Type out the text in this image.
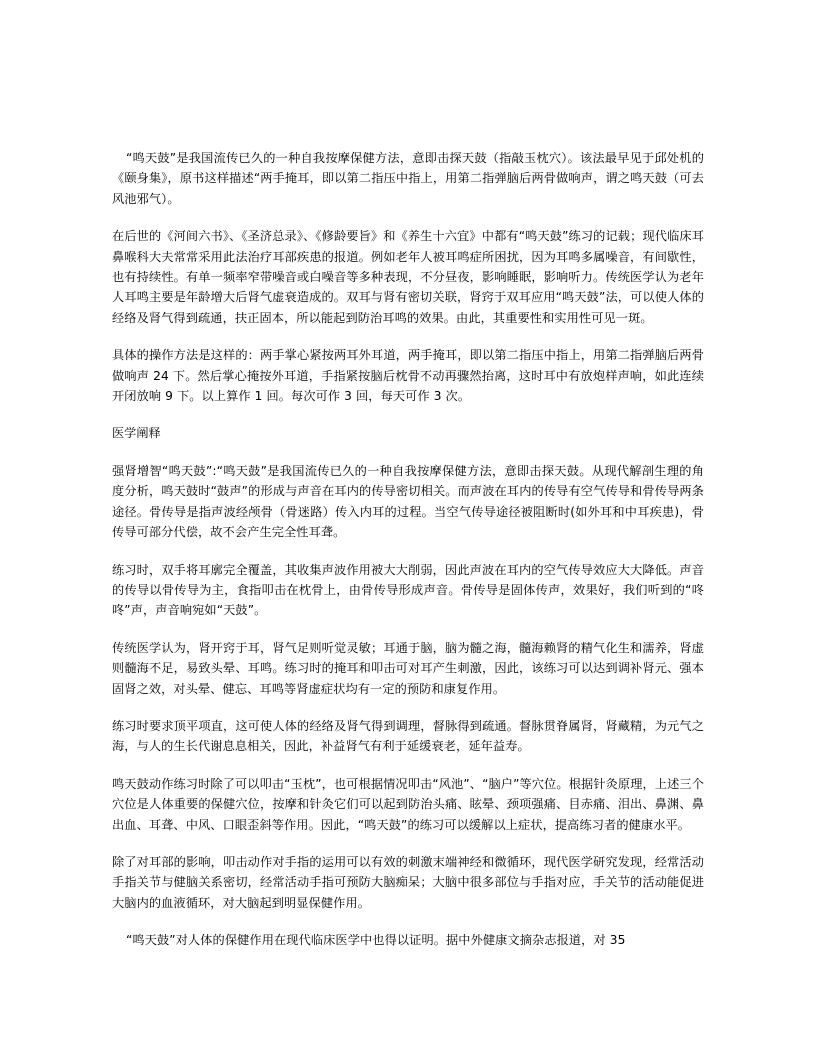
“鸣天鼓”是我国流传已久的一种自我按摩保健方法，意即击探天鼓（指敲玉枕穴）。该法最早见于邱处机的《颐身集》，原书这样描述“两手掩耳，即以第二指压中指上，用第二指弹脑后两骨做响声，谓之鸣天鼓（可去风池邪气）。

在后世的《河间六书》、《圣济总录》、《修龄要旨》和《养生十六宜》中都有“鸣天鼓”练习的记载；现代临床耳鼻喉科大夫常常采用此法治疗耳部疾患的报道。例如老年人被耳鸣症所困扰，因为耳鸣多属噪音，有间歇性，也有持续性。有单一频率窄带噪音或白噪音等多种表现，不分昼夜，影响睡眠，影响听力。传统医学认为老年人耳鸣主要是年龄增大后肾气虚衰造成的。双耳与肾有密切关联，肾窍于双耳应用“鸣天鼓”法，可以使人体的经络及肾气得到疏通，扶正固本，所以能起到防治耳鸣的效果。由此，其重要性和实用性可见一斑。

具体的操作方法是这样的：两手掌心紧按两耳外耳道，两手掩耳，即以第二指压中指上，用第二指弹脑后两骨做响声 24 下。然后掌心掩按外耳道，手指紧按脑后枕骨不动再骤然抬离，这时耳中有放炮样声响，如此连续开闭放响 9 下。以上算作 1 回。每次可作 3 回，每天可作 3 次。

医学阐释

强肾增智“鸣天鼓”:“鸣天鼓”是我国流传已久的一种自我按摩保健方法，意即击探天鼓。从现代解剖生理的角度分析，鸣天鼓时“鼓声”的形成与声音在耳内的传导密切相关。而声波在耳内的传导有空气传导和骨传导两条途径。骨传导是指声波经颅骨（骨迷路）传入内耳的过程。当空气传导途径被阻断时(如外耳和中耳疾患)，骨传导可部分代偿，故不会产生完全性耳聋。

练习时，双手将耳廓完全覆盖，其收集声波作用被大大削弱，因此声波在耳内的空气传导效应大大降低。声音的传导以骨传导为主，食指叩击在枕骨上，由骨传导形成声音。骨传导是固体传声，效果好，我们听到的“咚咚”声，声音响宛如“天鼓”。

传统医学认为，肾开窍于耳，肾气足则听觉灵敏；耳通于脑，脑为髓之海，髓海赖肾的精气化生和濡养，肾虚则髓海不足，易致头晕、耳鸣。练习时的掩耳和叩击可对耳产生刺激，因此，该练习可以达到调补肾元、强本固肾之效，对头晕、健忘、耳鸣等肾虚症状均有一定的预防和康复作用。

练习时要求顶平项直，这可使人体的经络及肾气得到调理，督脉得到疏通。督脉贯脊属肾，肾藏精，为元气之海，与人的生长代谢息息相关，因此，补益肾气有利于延缓衰老，延年益寿。

鸣天鼓动作练习时除了可以叩击“玉枕”，也可根据情况叩击“风池”、“脑户”等穴位。根据针灸原理，上述三个穴位是人体重要的保健穴位，按摩和针灸它们可以起到防治头痛、眩晕、颈项强痛、目赤痛、泪出、鼻渊、鼻出血、耳聋、中风、口眼歪斜等作用。因此，“鸣天鼓”的练习可以缓解以上症状，提高练习者的健康水平。

除了对耳部的影响，叩击动作对手指的运用可以有效的刺激末端神经和微循环，现代医学研究发现，经常活动手指关节与健脑关系密切，经常活动手指可预防大脑痴呆；大脑中很多部位与手指对应，手关节的活动能促进大脑内的血液循环，对大脑起到明显保健作用。

“鸣天鼓”对人体的保健作用在现代临床医学中也得以证明。据中外健康文摘杂志报道，对 35
